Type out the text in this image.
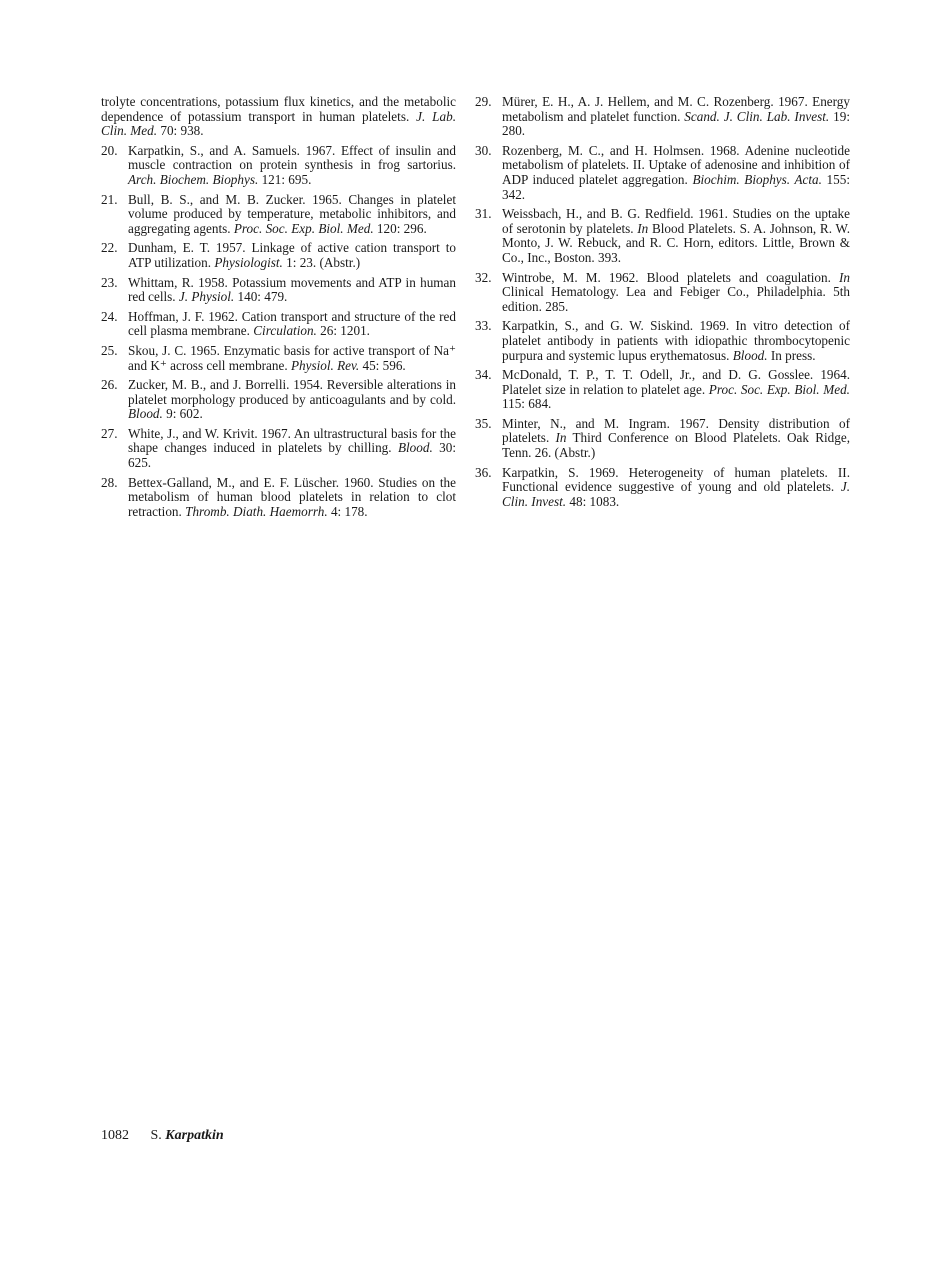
trolyte concentrations, potassium flux kinetics, and the metabolic dependence of potassium transport in human platelets. J. Lab. Clin. Med. 70: 938.
20. Karpatkin, S., and A. Samuels. 1967. Effect of insulin and muscle contraction on protein synthesis in frog sartorius. Arch. Biochem. Biophys. 121: 695.
21. Bull, B. S., and M. B. Zucker. 1965. Changes in platelet volume produced by temperature, metabolic inhibitors, and aggregating agents. Proc. Soc. Exp. Biol. Med. 120: 296.
22. Dunham, E. T. 1957. Linkage of active cation transport to ATP utilization. Physiologist. 1: 23. (Abstr.)
23. Whittam, R. 1958. Potassium movements and ATP in human red cells. J. Physiol. 140: 479.
24. Hoffman, J. F. 1962. Cation transport and structure of the red cell plasma membrane. Circulation. 26: 1201.
25. Skou, J. C. 1965. Enzymatic basis for active transport of Na⁺ and K⁺ across cell membrane. Physiol. Rev. 45: 596.
26. Zucker, M. B., and J. Borrelli. 1954. Reversible alterations in platelet morphology produced by anticoagulants and by cold. Blood. 9: 602.
27. White, J., and W. Krivit. 1967. An ultrastructural basis for the shape changes induced in platelets by chilling. Blood. 30: 625.
28. Bettex-Galland, M., and E. F. Lüscher. 1960. Studies on the metabolism of human blood platelets in relation to clot retraction. Thromb. Diath. Haemorrh. 4: 178.
29. Mürer, E. H., A. J. Hellem, and M. C. Rozenberg. 1967. Energy metabolism and platelet function. Scand. J. Clin. Lab. Invest. 19: 280.
30. Rozenberg, M. C., and H. Holmsen. 1968. Adenine nucleotide metabolism of platelets. II. Uptake of adenosine and inhibition of ADP induced platelet aggregation. Biochim. Biophys. Acta. 155: 342.
31. Weissbach, H., and B. G. Redfield. 1961. Studies on the uptake of serotonin by platelets. In Blood Platelets. S. A. Johnson, R. W. Monto, J. W. Rebuck, and R. C. Horn, editors. Little, Brown & Co., Inc., Boston. 393.
32. Wintrobe, M. M. 1962. Blood platelets and coagulation. In Clinical Hematology. Lea and Febiger Co., Philadelphia. 5th edition. 285.
33. Karpatkin, S., and G. W. Siskind. 1969. In vitro detection of platelet antibody in patients with idiopathic thrombocytopenic purpura and systemic lupus erythematosus. Blood. In press.
34. McDonald, T. P., T. T. Odell, Jr., and D. G. Gosslee. 1964. Platelet size in relation to platelet age. Proc. Soc. Exp. Biol. Med. 115: 684.
35. Minter, N., and M. Ingram. 1967. Density distribution of platelets. In Third Conference on Blood Platelets. Oak Ridge, Tenn. 26. (Abstr.)
36. Karpatkin, S. 1969. Heterogeneity of human platelets. II. Functional evidence suggestive of young and old platelets. J. Clin. Invest. 48: 1083.
1082 S. Karpatkin
